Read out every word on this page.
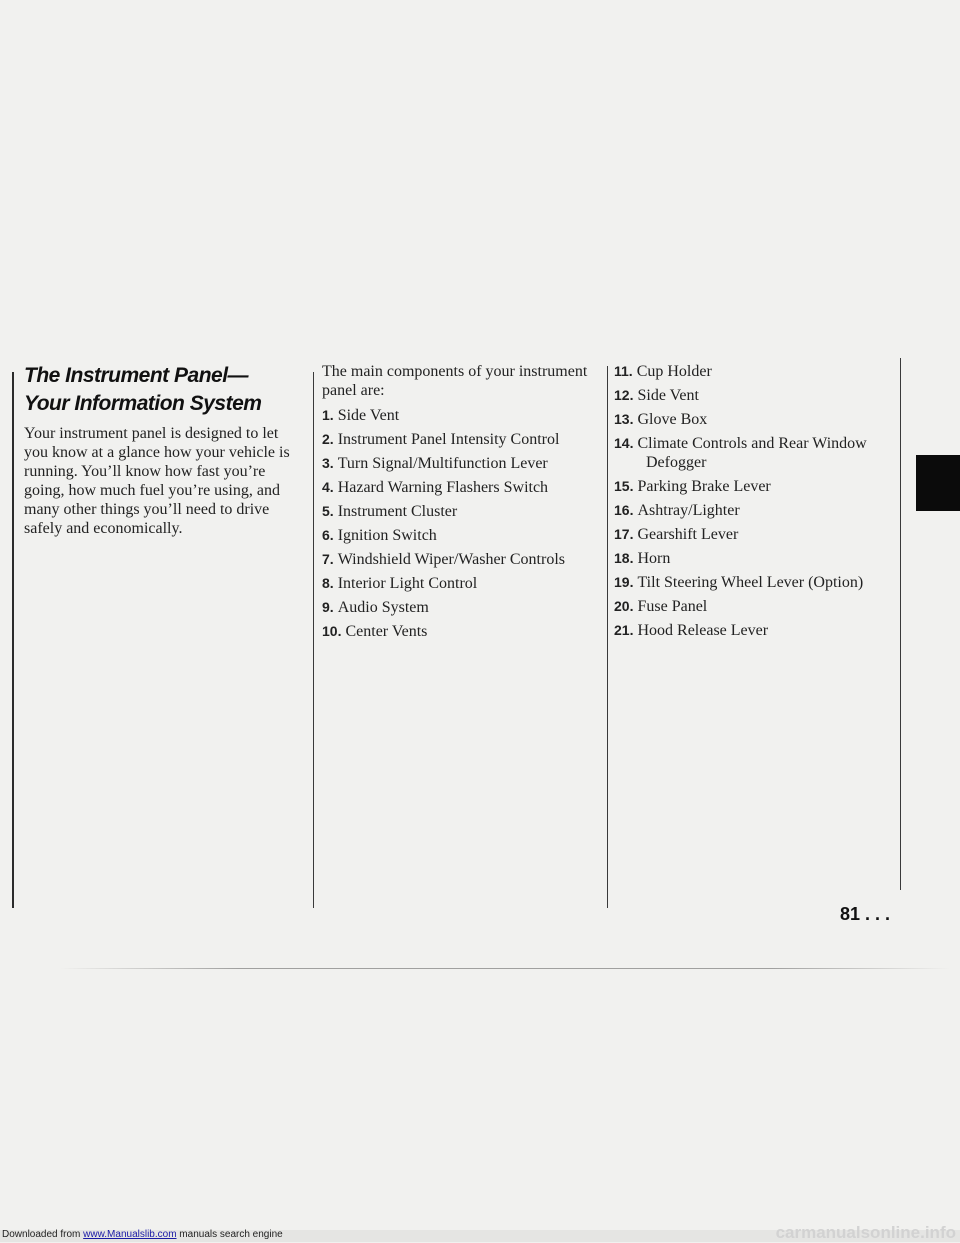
The Instrument Panel—
Your Information System

Your instrument panel is designed to let you know at a glance how your vehicle is running. You’ll know how fast you’re going, how much fuel you’re using, and many other things you’ll need to drive safely and economically.

The main components of your instrument panel are:

1. Side Vent
2. Instrument Panel Intensity Control
3. Turn Signal/Multifunction Lever
4. Hazard Warning Flashers Switch
5. Instrument Cluster
6. Ignition Switch
7. Windshield Wiper/Washer Controls
8. Interior Light Control
9. Audio System
10. Center Vents
11. Cup Holder
12. Side Vent
13. Glove Box
14. Climate Controls and Rear Window Defogger
15. Parking Brake Lever
16. Ashtray/Lighter
17. Gearshift Lever
18. Horn
19. Tilt Steering Wheel Lever (Option)
20. Fuse Panel
21. Hood Release Lever
81 . . .
Downloaded from www.Manualslib.com manuals search engine	carmanualsonline.info
